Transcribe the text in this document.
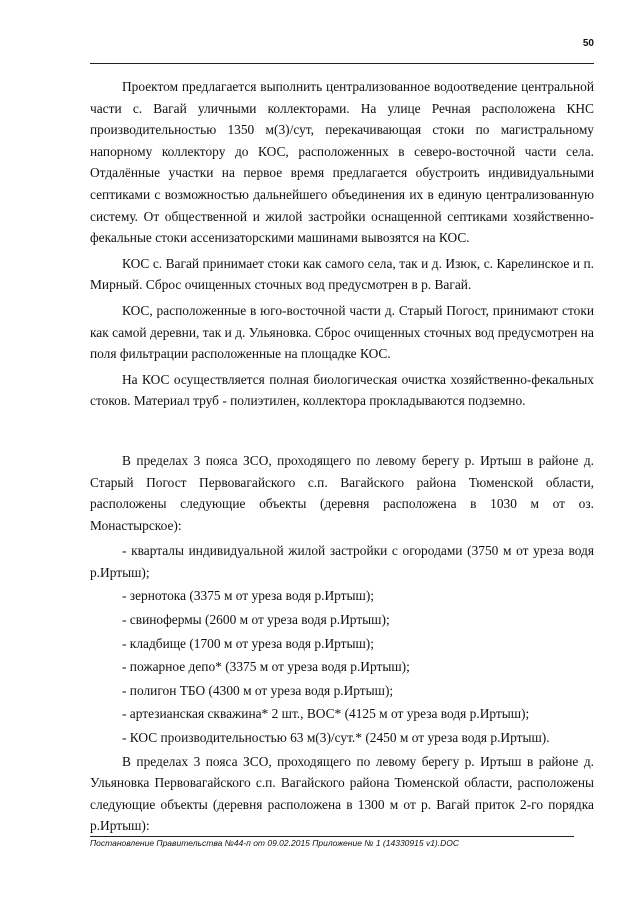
50

Проектом предлагается выполнить централизованное водоотведение центральной части с. Вагай уличными коллекторами. На улице Речная расположена КНС производительностью 1350 м(3)/сут, перекачивающая стоки по магистральному напорному коллектору до КОС, расположенных в северо-восточной части села. Отдалённые участки на первое время предлагается обустроить индивидуальными септиками с возможностью дальнейшего объединения их в единую централизованную систему. От общественной и жилой застройки оснащенной септиками хозяйственно-фекальные стоки ассенизаторскими машинами вывозятся на КОС.

КОС с. Вагай принимает стоки как самого села, так и д. Изюк, с. Карелинское и п. Мирный. Сброс очищенных сточных вод предусмотрен в р. Вагай.

КОС, расположенные в юго-восточной части д. Старый Погост, принимают стоки как самой деревни, так и д. Ульяновка. Сброс очищенных сточных вод предусмотрен на поля фильтрации расположенные на площадке КОС.

На КОС осуществляется полная биологическая очистка хозяйственно-фекальных стоков. Материал труб - полиэтилен, коллектора прокладываются подземно.

В пределах 3 пояса ЗСО, проходящего по левому берегу р. Иртыш в районе д. Старый Погост Первовагайского с.п. Вагайского района Тюменской области, расположены следующие объекты (деревня расположена в 1030 м от оз. Монастырское):

- кварталы индивидуальной жилой застройки с огородами (3750 м от уреза водя р.Иртыш);

- зернотока (3375 м от уреза водя р.Иртыш);

- свинофермы (2600 м от уреза водя р.Иртыш);

- кладбище (1700 м от уреза водя р.Иртыш);

- пожарное депо* (3375 м от уреза водя р.Иртыш);

- полигон ТБО (4300 м от уреза водя р.Иртыш);

- артезианская скважина* 2 шт., ВОС* (4125 м от уреза водя р.Иртыш);

- КОС производительностью 63 м(3)/сут.* (2450 м от уреза водя р.Иртыш).

В пределах 3 пояса ЗСО, проходящего по левому берегу р. Иртыш в районе д. Ульяновка Первовагайского с.п. Вагайского района Тюменской области, расположены следующие объекты (деревня расположена в 1300 м от р. Вагай приток 2-го порядка р.Иртыш):

Постановление Правительства №44-п от 09.02.2015 Приложение № 1 (14330915 v1).DOC
